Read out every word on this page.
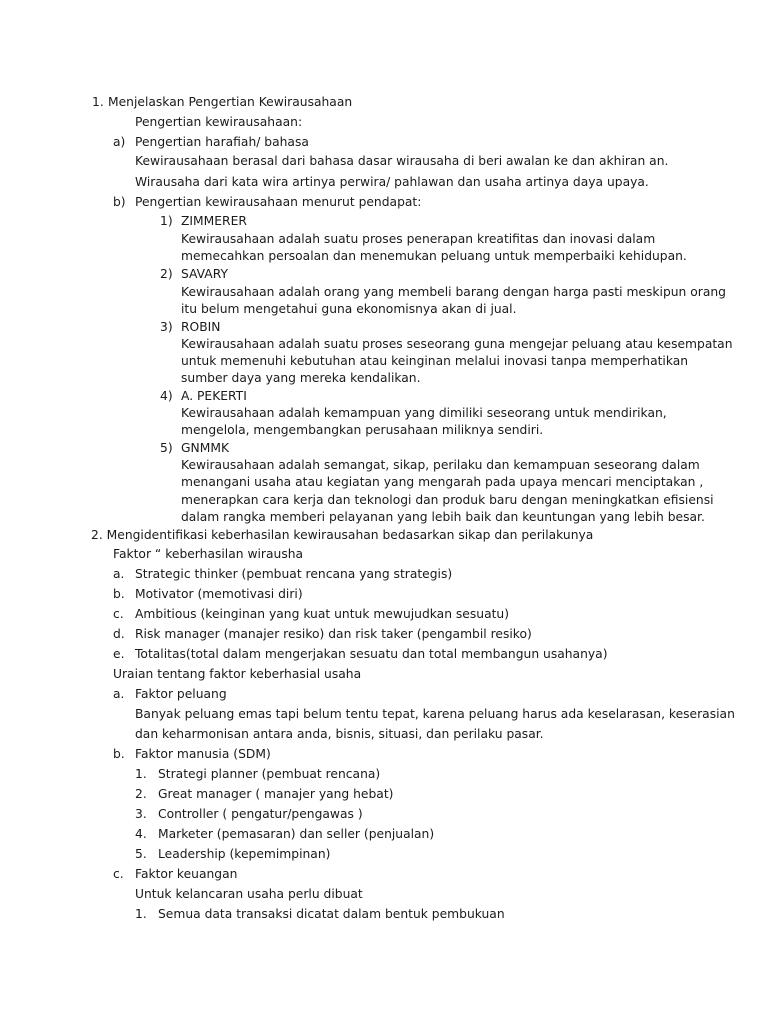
1. Menjelaskan Pengertian Kewirausahaan
Pengertian kewirausahaan:
a) Pengertian harafiah/ bahasa
Kewirausahaan berasal dari bahasa dasar wirausaha di beri awalan ke dan akhiran an.
Wirausaha dari kata wira artinya perwira/ pahlawan dan usaha artinya daya upaya.
b) Pengertian kewirausahaan menurut pendapat:
1) ZIMMERER
Kewirausahaan adalah suatu proses penerapan kreatifitas dan inovasi dalam
memecahkan persoalan dan menemukan peluang untuk memperbaiki kehidupan.
2) SAVARY
Kewirausahaan adalah orang yang membeli barang dengan harga pasti meskipun orang
itu belum mengetahui guna ekonomisnya akan di jual.
3) ROBIN
Kewirausahaan adalah suatu proses seseorang guna mengejar peluang atau kesempatan
untuk memenuhi kebutuhan atau keinginan melalui inovasi tanpa memperhatikan
sumber daya yang mereka kendalikan.
4) A. PEKERTI
Kewirausahaan adalah kemampuan yang dimiliki seseorang untuk mendirikan,
mengelola, mengembangkan perusahaan miliknya sendiri.
5) GNMMK
Kewirausahaan adalah semangat, sikap, perilaku dan kemampuan seseorang dalam
menangani usaha atau kegiatan yang mengarah pada upaya mencari menciptakan ,
menerapkan cara kerja dan teknologi dan produk baru dengan meningkatkan efisiensi
dalam rangka memberi pelayanan yang lebih baik dan keuntungan yang lebih besar.
2. Mengidentifikasi keberhasilan kewirausahan bedasarkan sikap dan perilakunya
Faktor “ keberhasilan wirausha
a. Strategic thinker (pembuat rencana yang strategis)
b. Motivator (memotivasi diri)
c. Ambitious (keinginan yang kuat untuk mewujudkan sesuatu)
d. Risk manager (manajer resiko) dan risk taker (pengambil resiko)
e. Totalitas(total dalam mengerjakan sesuatu dan total membangun usahanya)
Uraian tentang faktor keberhasial usaha
a. Faktor peluang
Banyak peluang emas tapi belum tentu tepat, karena peluang harus ada keselarasan, keserasian
dan keharmonisan antara anda, bisnis, situasi, dan perilaku pasar.
b. Faktor manusia (SDM)
1. Strategi planner (pembuat rencana)
2. Great manager ( manajer yang hebat)
3. Controller ( pengatur/pengawas )
4. Marketer (pemasaran) dan seller (penjualan)
5. Leadership (kepemimpinan)
c. Faktor keuangan
Untuk kelancaran usaha perlu dibuat
1. Semua data transaksi dicatat dalam bentuk pembukuan
